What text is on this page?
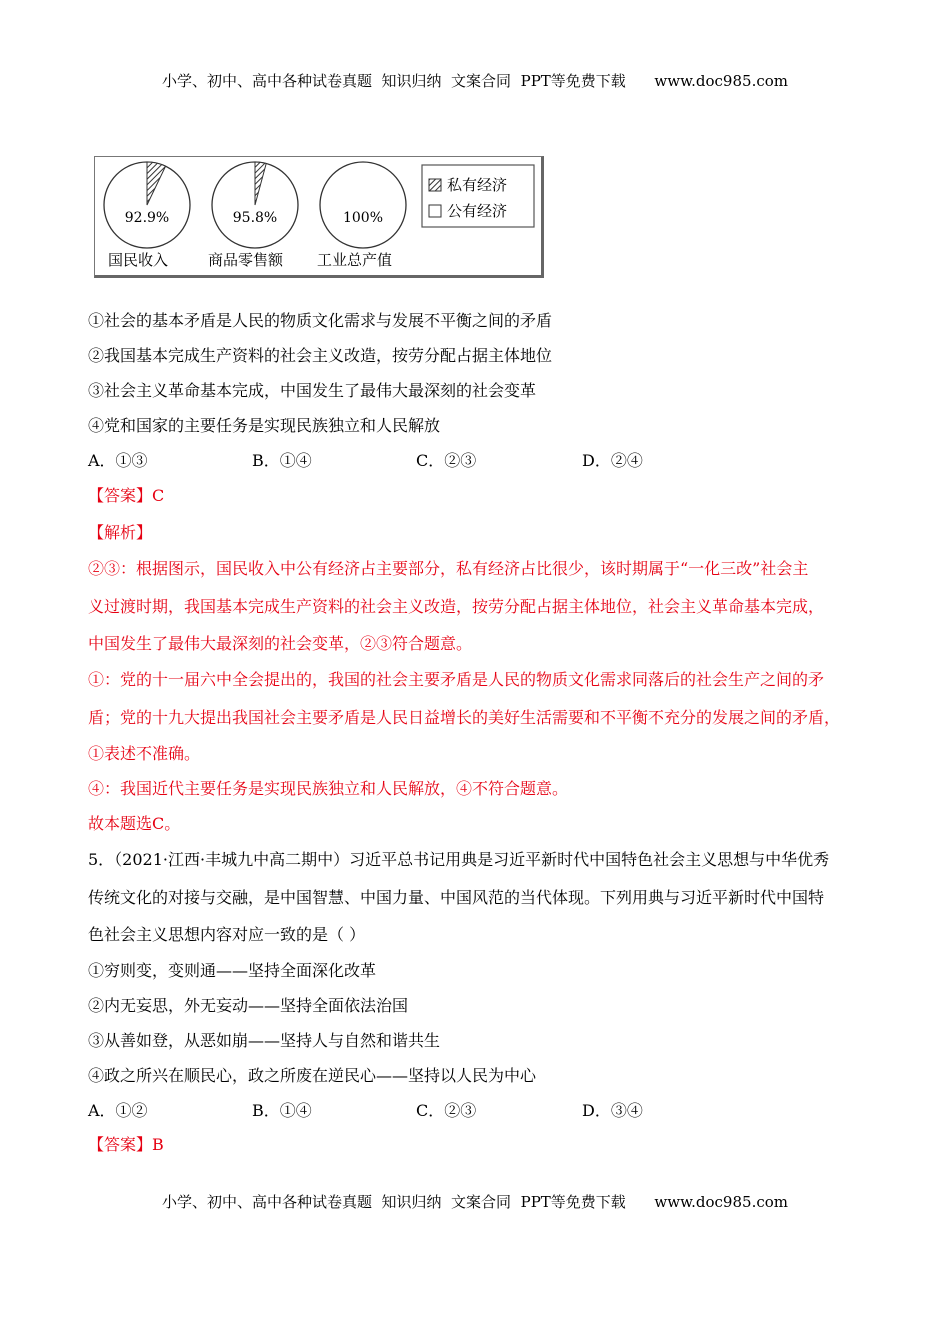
小学、初中、高中各种试卷真题  知识归纳  文案合同  PPT等免费下载      www.doc985.com
92.9%	95.8%	100%
国民收入	商品零售额 工业总产值
私有经济
公有经济
①社会的基本矛盾是人民的物质文化需求与发展不平衡之间的矛盾
②我国基本完成生产资料的社会主义改造，按劳分配占据主体地位
③社会主义革命基本完成，中国发生了最伟大最深刻的社会变革
④党和国家的主要任务是实现民族独立和人民解放
A．①③	B．①④	C．②③	D．②④
【答案】C
【解析】
②③：根据图示，国民收入中公有经济占主要部分，私有经济占比很少，该时期属于“一化三改”社会主
义过渡时期，我国基本完成生产资料的社会主义改造，按劳分配占据主体地位，社会主义革命基本完成，
中国发生了最伟大最深刻的社会变革，②③符合题意。
①：党的十一届六中全会提出的，我国的社会主要矛盾是人民的物质文化需求同落后的社会生产之间的矛
盾；党的十九大提出我国社会主要矛盾是人民日益增长的美好生活需要和不平衡不充分的发展之间的矛盾，
①表述不准确。
④：我国近代主要任务是实现民族独立和人民解放，④不符合题意。
故本题选C。
5．（2021·江西·丰城九中高二期中）习近平总书记用典是习近平新时代中国特色社会主义思想与中华优秀
传统文化的对接与交融，是中国智慧、中国力量、中国风范的当代体现。下列用典与习近平新时代中国特
色社会主义思想内容对应一致的是（ ）
①穷则变，变则通——坚持全面深化改革
②内无妄思，外无妄动——坚持全面依法治国
③从善如登，从恶如崩——坚持人与自然和谐共生
④政之所兴在顺民心，政之所废在逆民心——坚持以人民为中心
A．①②	B．①④	C．②③	D．③④
【答案】B
小学、初中、高中各种试卷真题  知识归纳  文案合同  PPT等免费下载      www.doc985.com
